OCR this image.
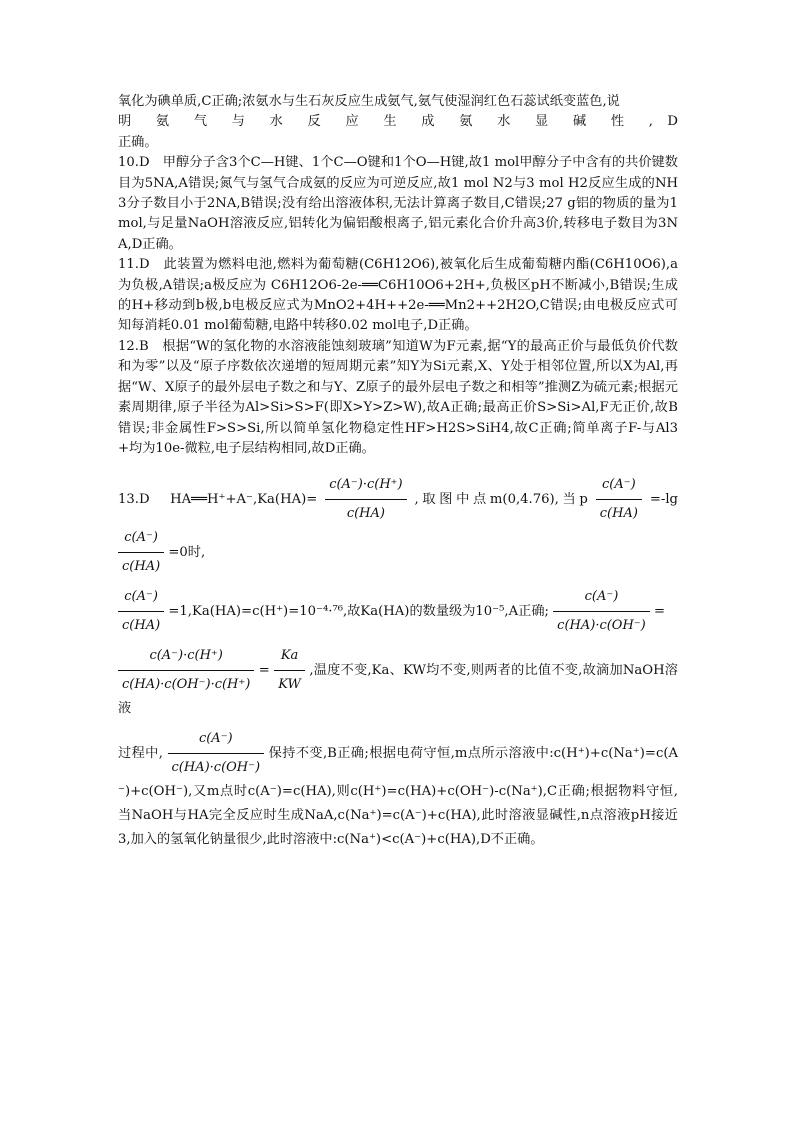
氧化为碘单质,C正确;浓氨水与生石灰反应生成氨气,氨气使湿润红色石蕊试纸变蓝色,说

明 氨 气 与 水 反 应 生 成 氨 水 显 碱 性 , D

正确。

10.D　甲醇分子含3个C—H键、1个C—O键和1个O—H键,故1 mol甲醇分子中含有的共价键数目为5NA,A错误;氮气与氢气合成氨的反应为可逆反应,故1 mol N2与3 mol H2反应生成的NH3分子数目小于2NA,B错误;没有给出溶液体积,无法计算离子数目,C错误;27 g铝的物质的量为1 mol,与足量NaOH溶液反应,铝转化为偏铝酸根离子,铝元素化合价升高3价,转移电子数目为3NA,D正确。

11.D　此装置为燃料电池,燃料为葡萄糖(C6H12O6),被氧化后生成葡萄糖内酯(C6H10O6),a为负极,A错误;a极反应为 C6H12O6-2e-══C6H10O6+2H+,负极区pH不断减小,B错误;生成的H+移动到b极,b电极反应式为MnO2+4H++2e-══Mn2++2H2O,C错误;由电极反应式可知每消耗0.01 mol葡萄糖,电路中转移0.02 mol电子,D正确。

12.B　根据“W的氢化物的水溶液能蚀刻玻璃”知道W为F元素,据“Y的最高正价与最低负价代数和为零”以及“原子序数依次递增的短周期元素”知Y为Si元素,X、Y处于相邻位置,所以X为Al,再据“W、X原子的最外层电子数之和与Y、Z原子的最外层电子数之和相等”推测Z为硫元素;根据元素周期律,原子半径为Al>Si>S>F(即X>Y>Z>W),故A正确;最高正价S>Si>Al,F无正价,故B错误;非金属性F>S>Si,所以简单氢化物稳定性HF>H2S>SiH4,故C正确;简单离子F-与Al3+均为10e-微粒,电子层结构相同,故D正确。

13.D　HA══H⁺+A⁻,Ka(HA)= $\frac{c(A^-)\cdot c(H^+)}{c(HA)}$ ,取图中点m(0,4.76),当p $\frac{c(A^-)}{c(HA)} =-\lg$
$\frac{c(A^-)}{c(HA)} =0$时,
$\frac{c(A^-)}{c(HA)} =1,Ka(HA)=c(H^+)=10^{-4}\cdot^{76}$,故Ka(HA)的数量级为10⁻⁵,A正确; $\frac{c(A^-)}{c(HA)\cdot c(OH^-)}$ =
$\frac{c(A^-)\cdot c(H^+)}{c(HA)\cdot c(OH^-)\cdot c(H^+)} = \frac{Ka}{KW}$ ,温度不变,Ka、KW均不变,则两者的比值不变,故滴加NaOH溶液
过程中, $\frac{c(A^-)}{c(HA)\cdot c(OH^-)}$ 保持不变,B正确;根据电荷守恒,m点所示溶液中:c(H⁺)+c(Na⁺)=c(A⁻)+c(OH⁻),又m点时c(A⁻)=c(HA),则c(H⁺)=c(HA)+c(OH⁻)-c(Na⁺),C正确;根据物料守恒,当NaOH与HA完全反应时生成NaA,c(Na⁺)=c(A⁻)+c(HA),此时溶液显碱性,n点溶液pH接近3,加入的氢氧化钠量很少,此时溶液中:c(Na⁺)<c(A⁻)+c(HA),D不正确。
